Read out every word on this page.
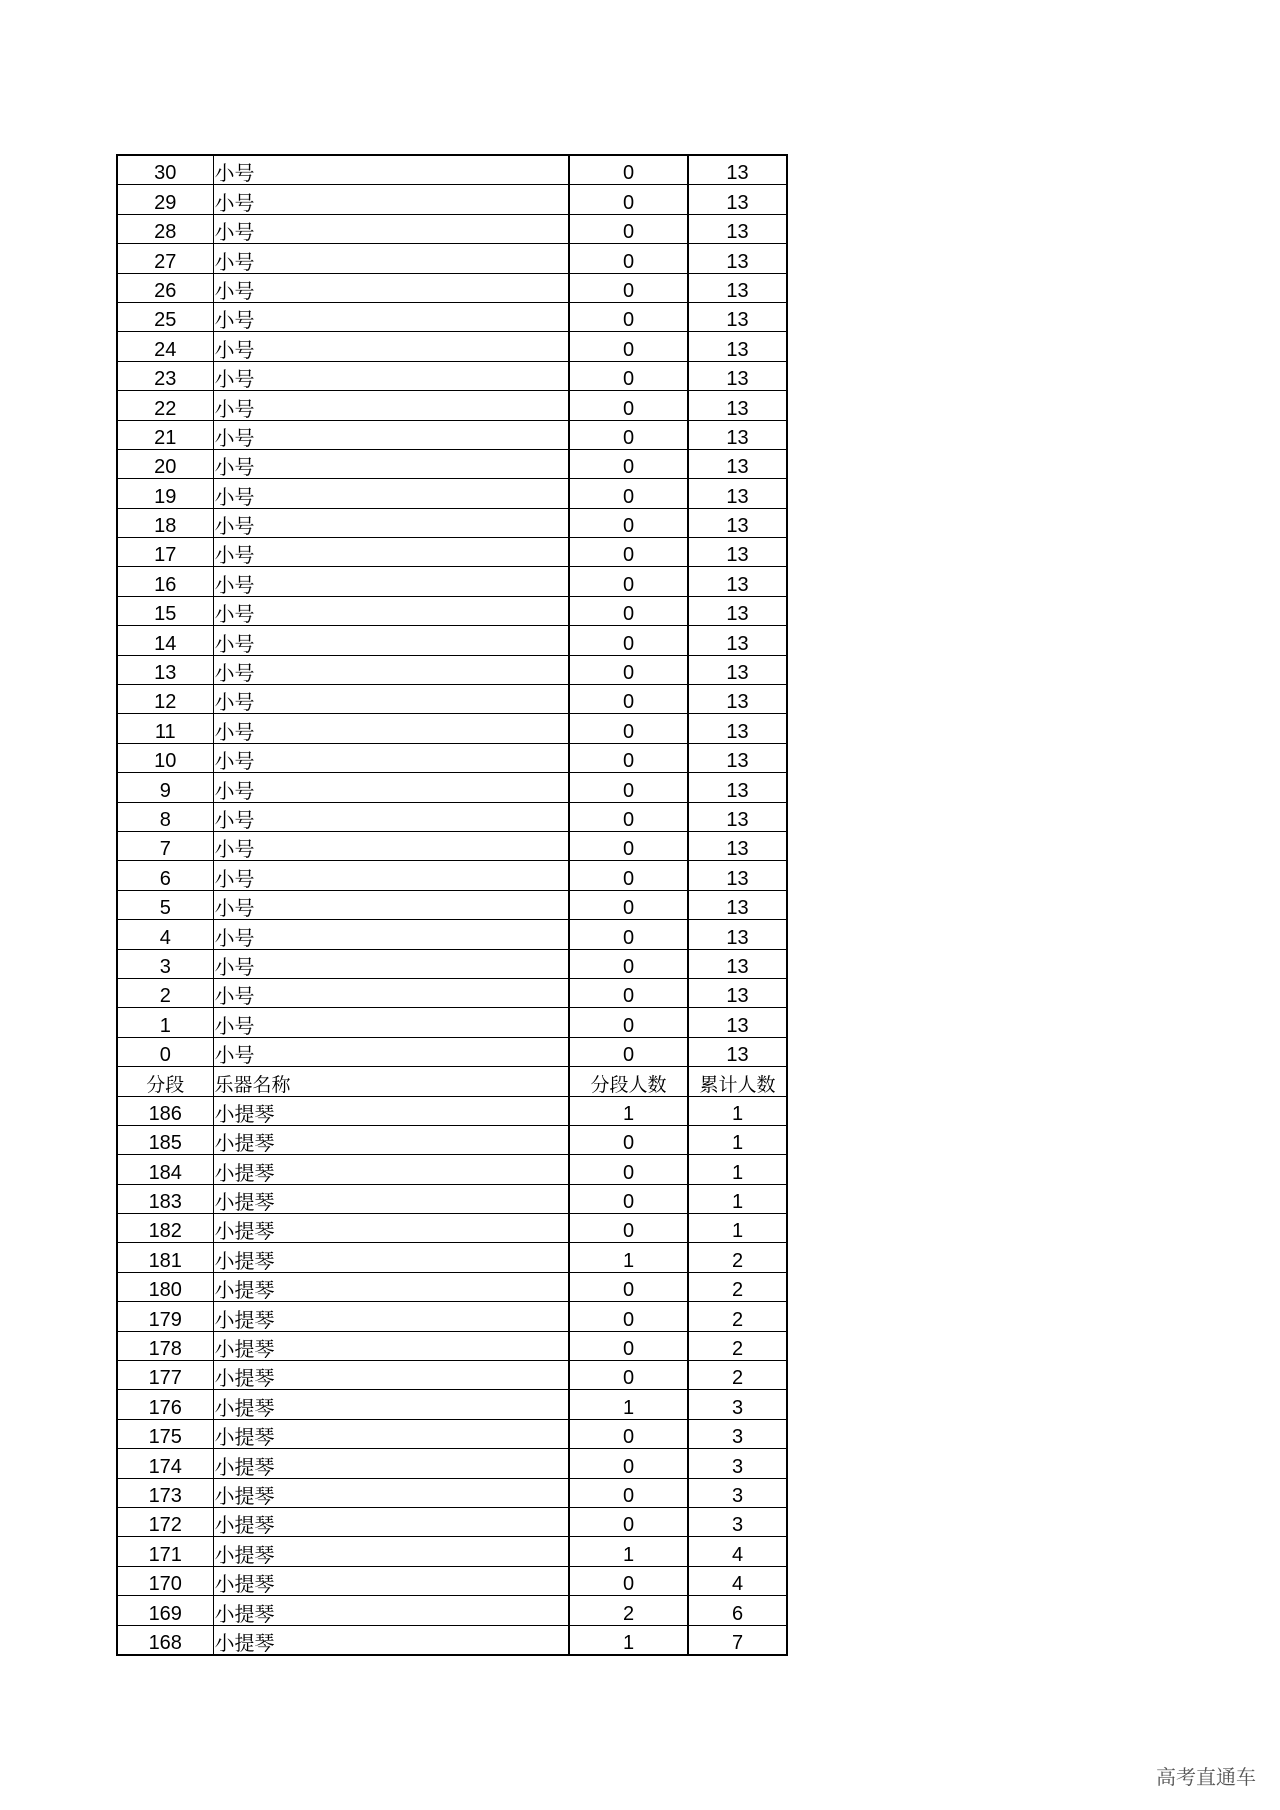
30	小号	0	13
29	小号	0	13
28	小号	0	13
27	小号	0	13
26	小号	0	13
25	小号	0	13
24	小号	0	13
23	小号	0	13
22	小号	0	13
21	小号	0	13
20	小号	0	13
19	小号	0	13
18	小号	0	13
17	小号	0	13
16	小号	0	13
15	小号	0	13
14	小号	0	13
13	小号	0	13
12	小号	0	13
11	小号	0	13
10	小号	0	13
9	小号	0	13
8	小号	0	13
7	小号	0	13
6	小号	0	13
5	小号	0	13
4	小号	0	13
3	小号	0	13
2	小号	0	13
1	小号	0	13
0	小号	0	13
分段	乐器名称	分段人数	累计人数
186	小提琴	1	1
185	小提琴	0	1
184	小提琴	0	1
183	小提琴	0	1
182	小提琴	0	1
181	小提琴	1	2
180	小提琴	0	2
179	小提琴	0	2
178	小提琴	0	2
177	小提琴	0	2
176	小提琴	1	3
175	小提琴	0	3
174	小提琴	0	3
173	小提琴	0	3
172	小提琴	0	3
171	小提琴	1	4
170	小提琴	0	4
169	小提琴	2	6
168	小提琴	1	7
高考直通车
